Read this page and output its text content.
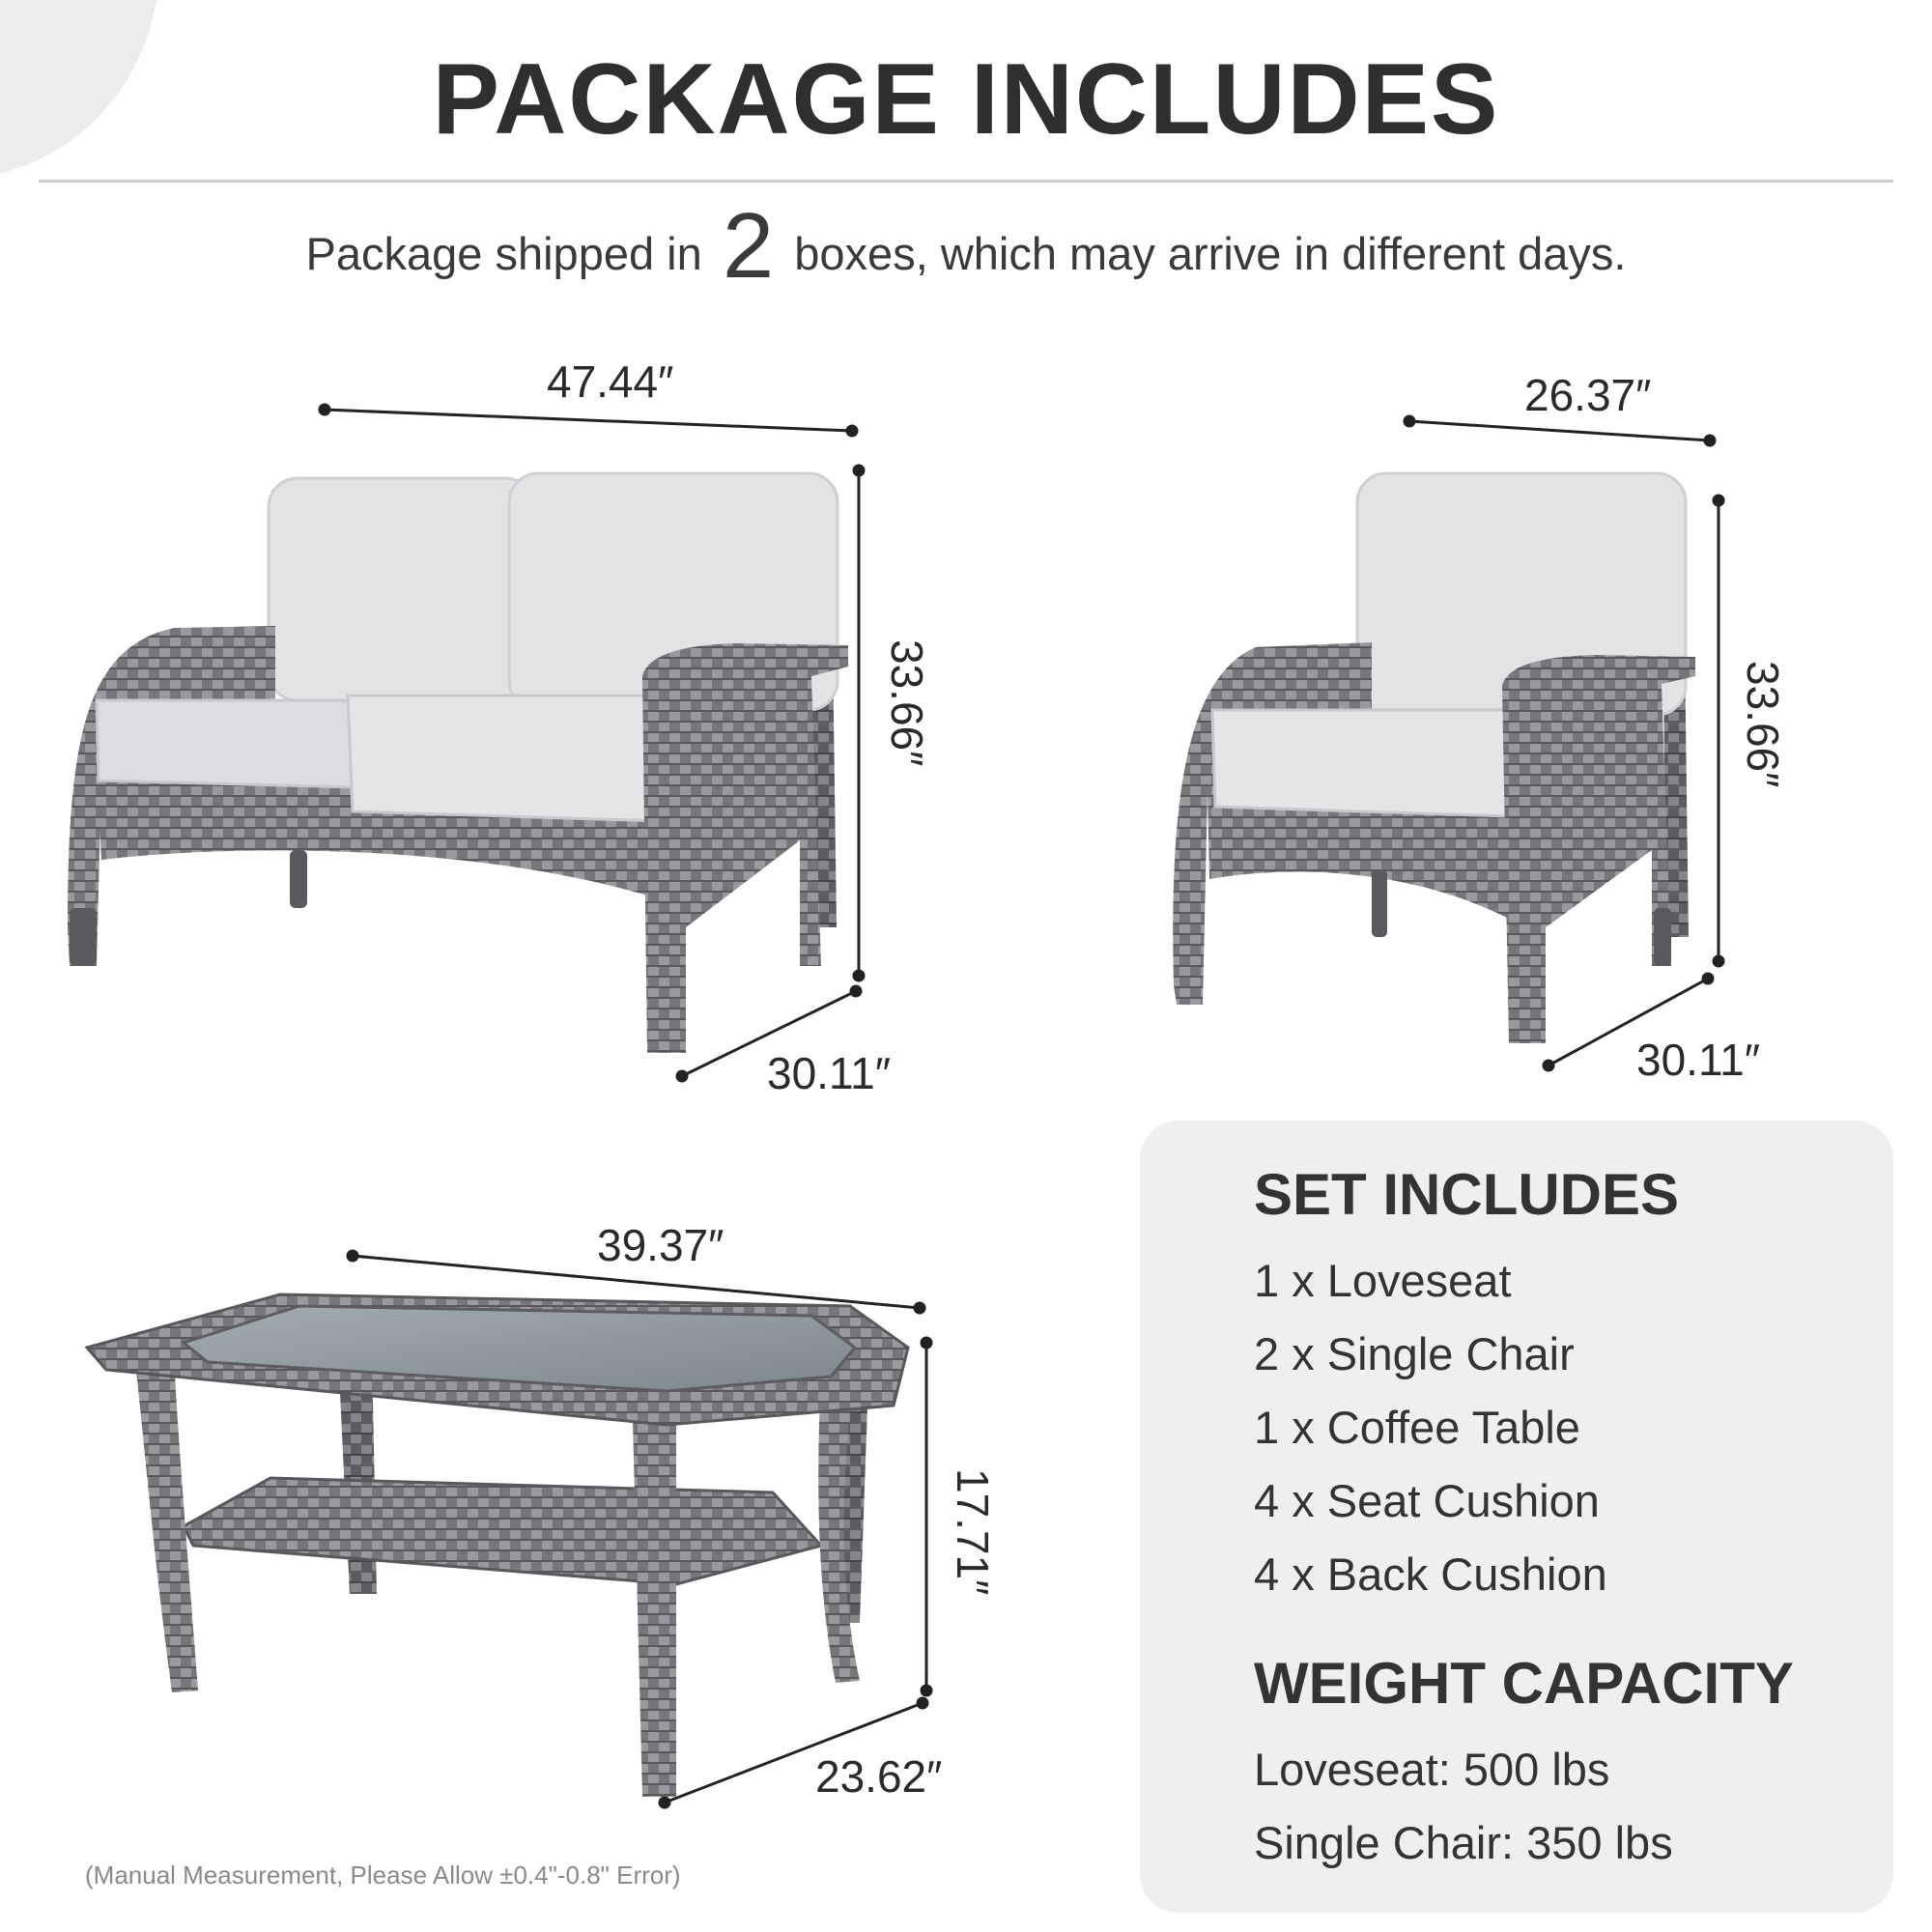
PACKAGE INCLUDES
Package shipped in 2 boxes, which may arrive in different days.
47.44″
33.66″
30.11″
26.37″
33.66″
30.11″
39.37″
17.71″
23.62″
(Manual Measurement, Please Allow ±0.4"-0.8" Error)
SET INCLUDES
1 x Loveseat
2 x Single Chair
1 x Coffee Table
4 x Seat Cushion
4 x Back Cushion
WEIGHT CAPACITY
Loveseat: 500 lbs
Single Chair: 350 lbs
